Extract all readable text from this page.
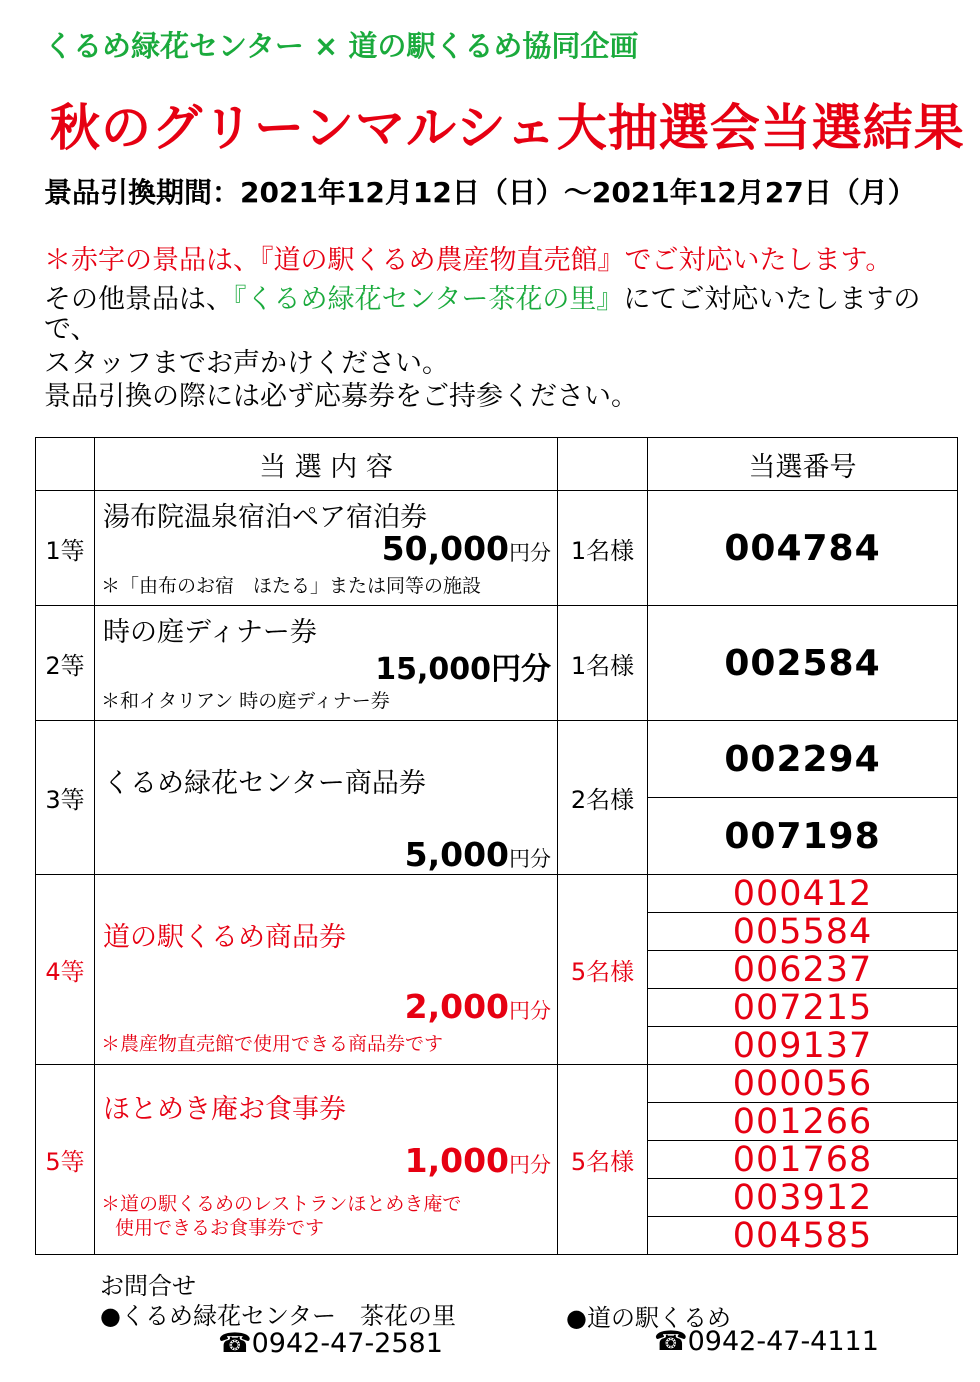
くるめ緑花センター × 道の駅くるめ協同企画
秋のグリーンマルシェ大抽選会当選結果
景品引換期間：2021年12月12日（日）～2021年12月27日（月）
＊赤字の景品は、『道の駅くるめ農産物直売館』でご対応いたします。
その他景品は、『くるめ緑花センター茶花の里』にてご対応いたしますの
で、
スタッフまでお声かけください。
景品引換の際には必ず応募券をご持参ください。
	当 選 内 容		当選番号
1等	湯布院温泉宿泊ペア宿泊券
50,000円分
＊「由布のお宿　ほたる」または同等の施設	1名様	004784
2等	時の庭ディナー券
15,000円分
＊和イタリアン 時の庭ディナー券	1名様	002584
3等	くるめ緑花センター商品券
5,000円分	2名様	002294
			007198
4等	道の駅くるめ商品券
2,000円分
＊農産物直売館で使用できる商品券です	5名様	000412
			005584
			006237
			007215
			009137
5等	ほとめき庵お食事券
1,000円分
＊道の駅くるめのレストランほとめき庵で
使用できるお食事券です	5名様	000056
			001266
			001768
			003912
			004585
お問合せ
●くるめ緑花センター　茶花の里
☎0942-47-2581
●道の駅くるめ
☎0942-47-4111
